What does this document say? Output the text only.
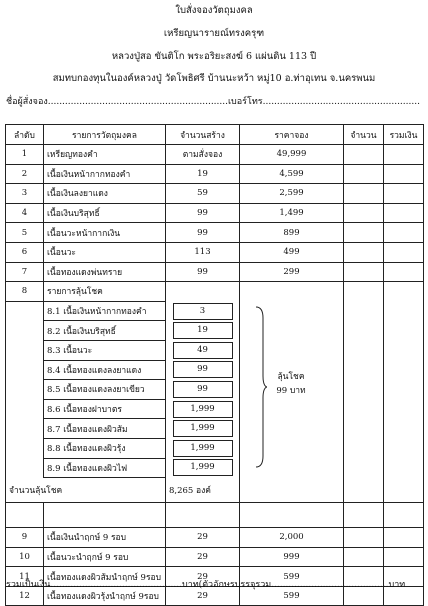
ใบสั่งจองวัตถุมงคล
เหรียญนารายณ์ทรงครุฑ
หลวงปู่สอ ขันติโก พระอริยะสงฆ์ 6 แผ่นดิน 113 ปี
สมทบกองทุนในองค์หลวงปู่ วัดโพธิศรี บ้านนะหว้า หมู่10 อ.ท่าอุเทน จ.นครพนม
ชื่อผู้สั่งจอง...............................................................เบอร์โทร.......................................................
ลำดับ	รายการวัตถุมงคล	จำนวนสร้าง	ราคาจอง	จำนวน	รวมเงิน
1	เหรียญทองคำ	ตามสั่งจอง	49,999		
2	เนื้อเงินหน้ากากทองคำ	19	4,599		
3	เนื้อเงินลงยาแดง	59	2,599		
4	เนื้อเงินบริสุทธิ์	99	1,499		
5	เนื้อนวะหน้ากากเงิน	99	899		
6	เนื้อนวะ	113	499		
7	เนื้อทองแดงพ่นทราย	99	299		
8	รายการลุ้นโชค				
	8.1 เนื้อเงินหน้ากากทองคำ	3			
	8.2 เนื้อเงินบริสุทธิ์	19			
	8.3 เนื้อนวะ	49			
	8.4 เนื้อทองแดงลงยาแดง	99			
	8.5 เนื้อทองแดงลงยาเขียว	99			
	8.6 เนื้อทองฝาบาตร	1,999			
	8.7 เนื้อทองแดงผิวส้ม	1,999			
	8.8 เนื้อทองแดงผิวรุ้ง	1,999			
	8.9 เนื้อทองแดงผิวไฟ	1,999			
จำนวนลุ้นโชค		8,265 องค์			

9	เนื้อเงินนำฤกษ์ 9 รอบ	29	2,000		
10	เนื้อนวะนำฤกษ์ 9 รอบ	29	999		
11	เนื้อทองแดงผิวส้มนำฤกษ์ 9รอบ	29	599		
12	เนื้อทองแดงผิวรุ้งนำฤกษ์ 9รอบ	29	599		
ลุ้นโชค
99 บาท
รวมเป็นเงิน..............................................บาท(ตัวอักษรบรรจุรวม.........................................บาท
